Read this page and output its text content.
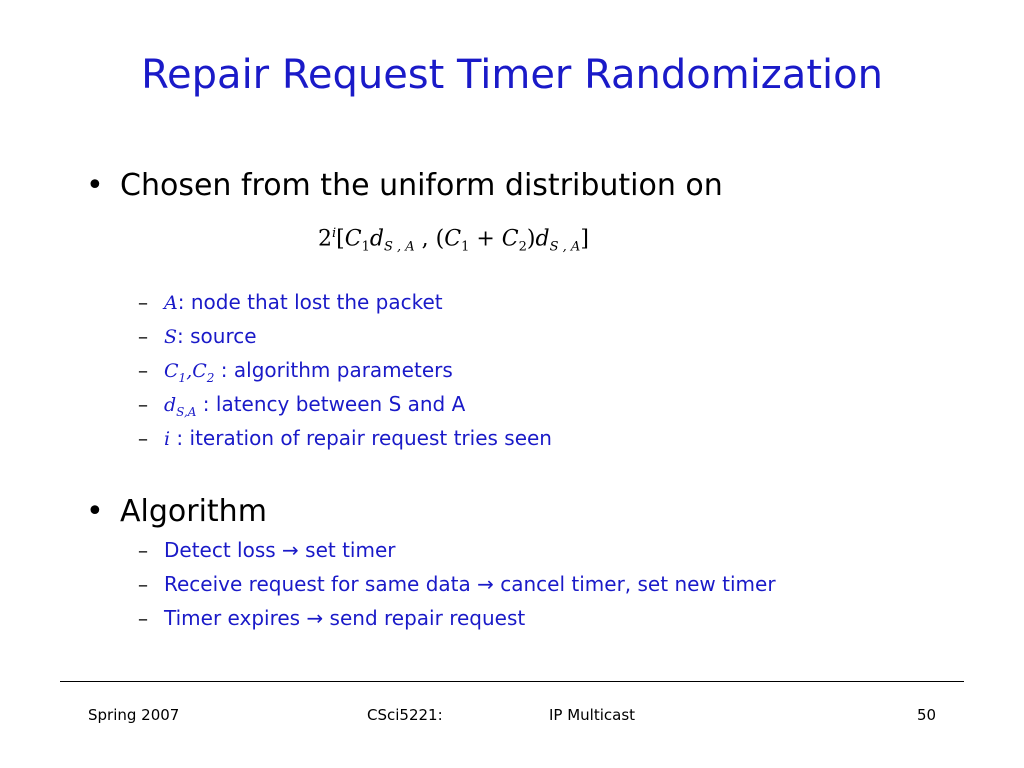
Repair Request Timer Randomization
• Chosen from the uniform distribution on
$2^i[C_1d_{S , A}$ , $(C_1 + C_2)d_{S , A}$]
– A: node that lost the packet
– S: source
– $C_1,C_2$ : algorithm parameters
– $d_{S,A}$ : latency between S and A
– i : iteration of repair request tries seen
• Algorithm
– Detect loss → set timer
– Receive request for same data → cancel timer, set new timer
– Timer expires → send repair request
Spring 2007	CSci5221:	IP Multicast	50
